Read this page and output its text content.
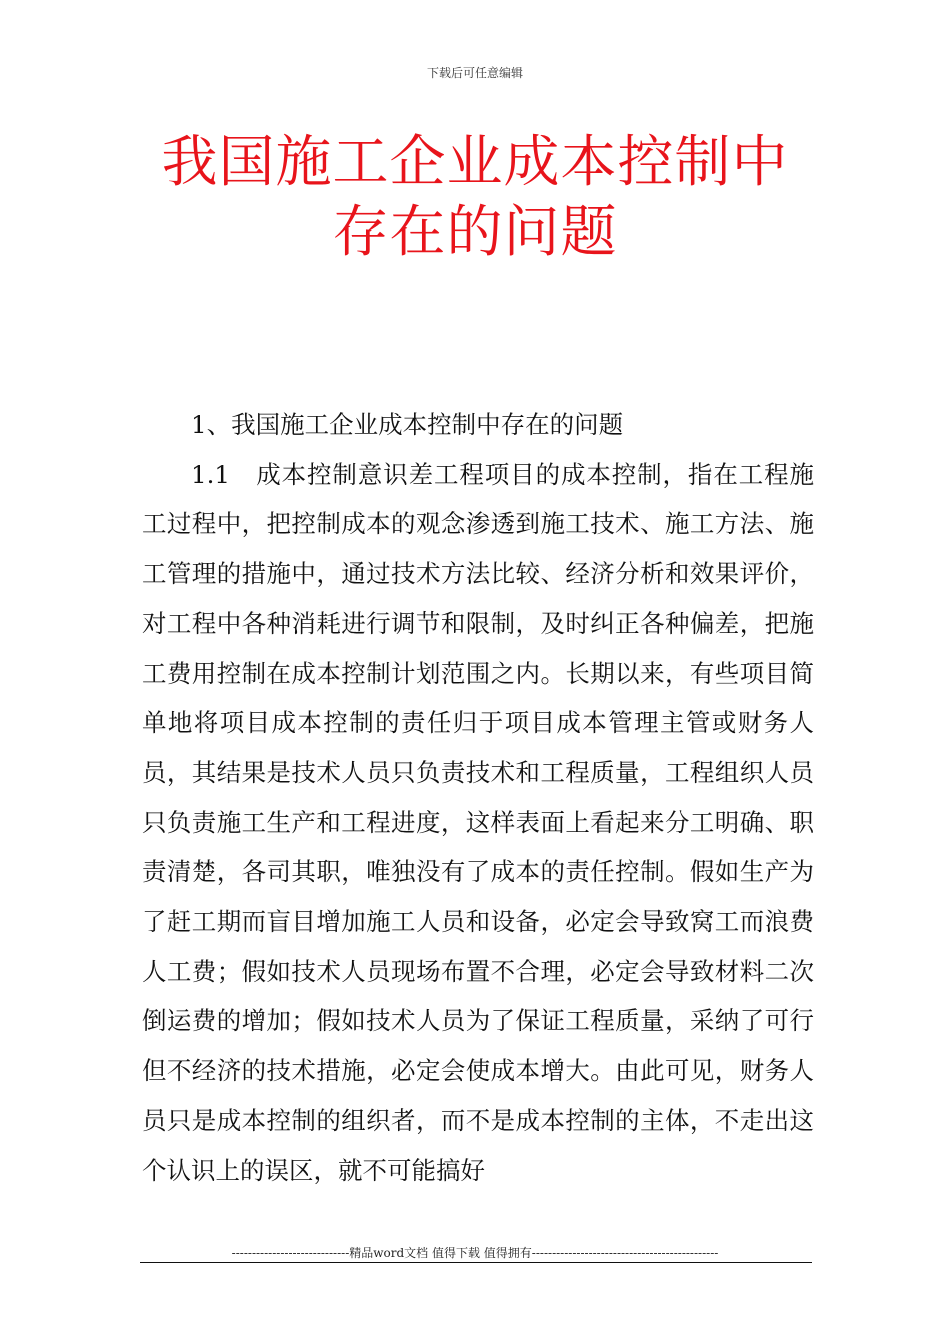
下载后可任意编辑
我国施工企业成本控制中
存在的问题

1、我国施工企业成本控制中存在的问题

1.1　成本控制意识差工程项目的成本控制，指在工程施工过程中，把控制成本的观念渗透到施工技术、施工方法、施工管理的措施中，通过技术方法比较、经济分析和效果评价，对工程中各种消耗进行调节和限制，及时纠正各种偏差，把施工费用控制在成本控制计划范围之内。长期以来，有些项目简单地将项目成本控制的责任归于项目成本管理主管或财务人员，其结果是技术人员只负责技术和工程质量，工程组织人员只负责施工生产和工程进度，这样表面上看起来分工明确、职责清楚，各司其职，唯独没有了成本的责任控制。假如生产为了赶工期而盲目增加施工人员和设备，必定会导致窝工而浪费人工费；假如技术人员现场布置不合理，必定会导致材料二次倒运费的增加；假如技术人员为了保证工程质量，采纳了可行但不经济的技术措施，必定会使成本增大。由此可见，财务人员只是成本控制的组织者，而不是成本控制的主体，不走出这个认识上的误区，就不可能搞好

-----------------------------精品word文档 值得下载 值得拥有----------------------------------------------
